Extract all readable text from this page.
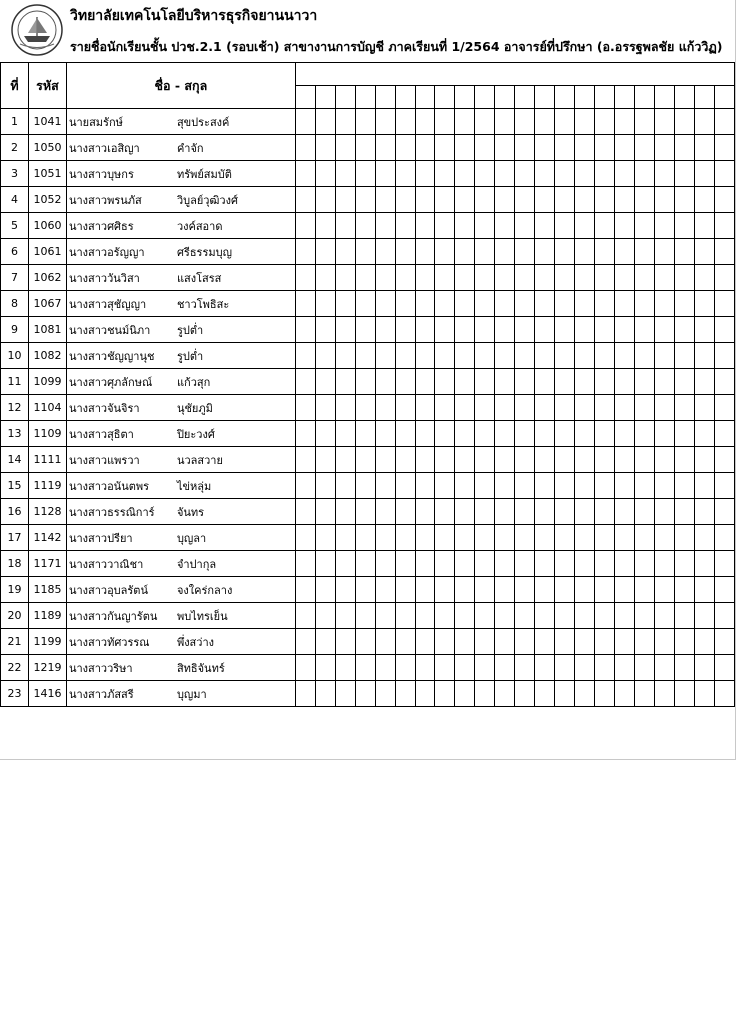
วิทยาลัยเทคโนโลยีบริหารธุรกิจยานนาวา
รายชื่อนักเรียนชั้น ปวช.2.1 (รอบเช้า) สาขางานการบัญชี ภาคเรียนที่ 1/2564 อาจารย์ที่ปรึกษา (อ.อรรฐพลชัย แก้ววิฏ)
ที่	รหัส	ชื่อ - สกุล																						

1	1041	นายสมรักษ์ สุขประสงค์																						
2	1050	นางสาวเอสิญา คำจัก																						
3	1051	นางสาวบุษกร ทรัพย์สมบัติ																						
4	1052	นางสาวพรนภัส วิบูลย์วุฒิวงศ์																						
5	1060	นางสาวศศิธร วงค์สอาด																						
6	1061	นางสาวอรัญญา ศรีธรรมบุญ																						
7	1062	นางสาววันวิสา แสงโสรส																						
8	1067	นางสาวสุชัญญา ชาวโพธิสะ																						
9	1081	นางสาวชนม์นิภา รูปต่ำ																						
10	1082	นางสาวชัญญานุช รูปต่ำ																						
11	1099	นางสาวศุภลักษณ์ แก้วสุก																						
12	1104	นางสาวจันจิรา นุชัยภูมิ																						
13	1109	นางสาวสุธิตา ปิยะวงศ์																						
14	1111	นางสาวแพรวา นวลสวาย																						
15	1119	นางสาวอนันตพร ไข่หลุ่ม																						
16	1128	นางสาวธรรณิการ์ จันทร																						
17	1142	นางสาวปรียา บุญลา																						
18	1171	นางสาววาณิชา จำปากุล																						
19	1185	นางสาวอุบลรัตน์ จงใคร่กลาง																						
20	1189	นางสาวกันญารัตน พบไทรเย็น																						
21	1199	นางสาวทัศวรรณ พึ่งสว่าง																						
22	1219	นางสาววริษา สิทธิจันทร์																						
23	1416	นางสาวภัสสรี บุญมา																						
